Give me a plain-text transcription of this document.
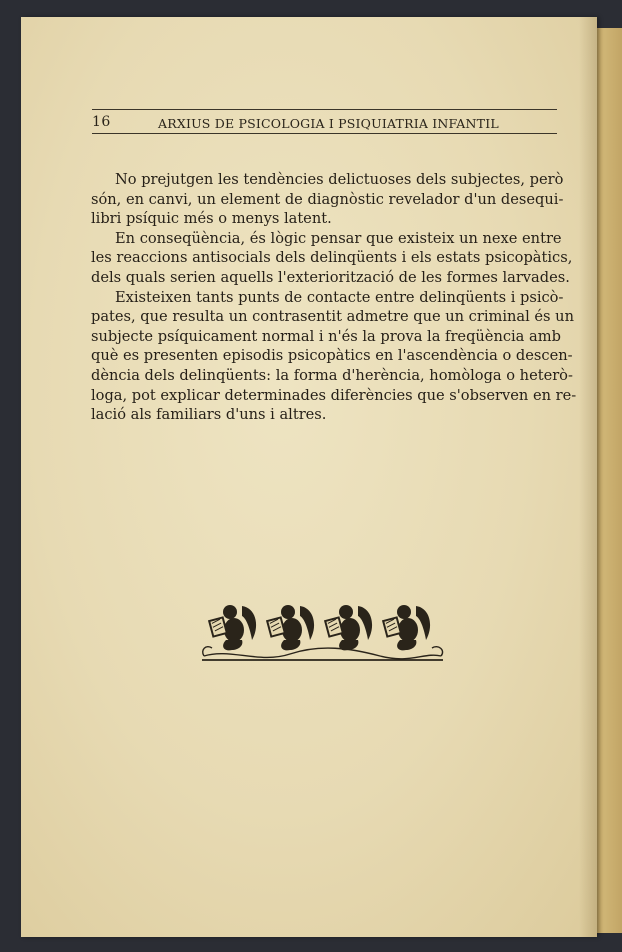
16	ARXIUS DE PSICOLOGIA I PSIQUIATRIA INFANTIL

No prejutgen les tendències delictuoses dels subjectes, però
són, en canvi, un element de diagnòstic revelador d'un desequi-
libri psíquic més o menys latent.

En conseqüència, és lògic pensar que existeix un nexe entre
les reaccions antisocials dels delinqüents i els estats psicopàtics,
dels quals serien aquells l'exteriorització de les formes larvades.

Existeixen tants punts de contacte entre delinqüents i psicò-
pates, que resulta un contrasentit admetre que un criminal és un
subjecte psíquicament normal i n'és la prova la freqüència amb
què es presenten episodis psicopàtics en l'ascendència o descen-
dència dels delinqüents: la forma d'herència, homòloga o heterò-
loga, pot explicar determinades diferències que s'observen en re-
lació als familiars d'uns i altres.
